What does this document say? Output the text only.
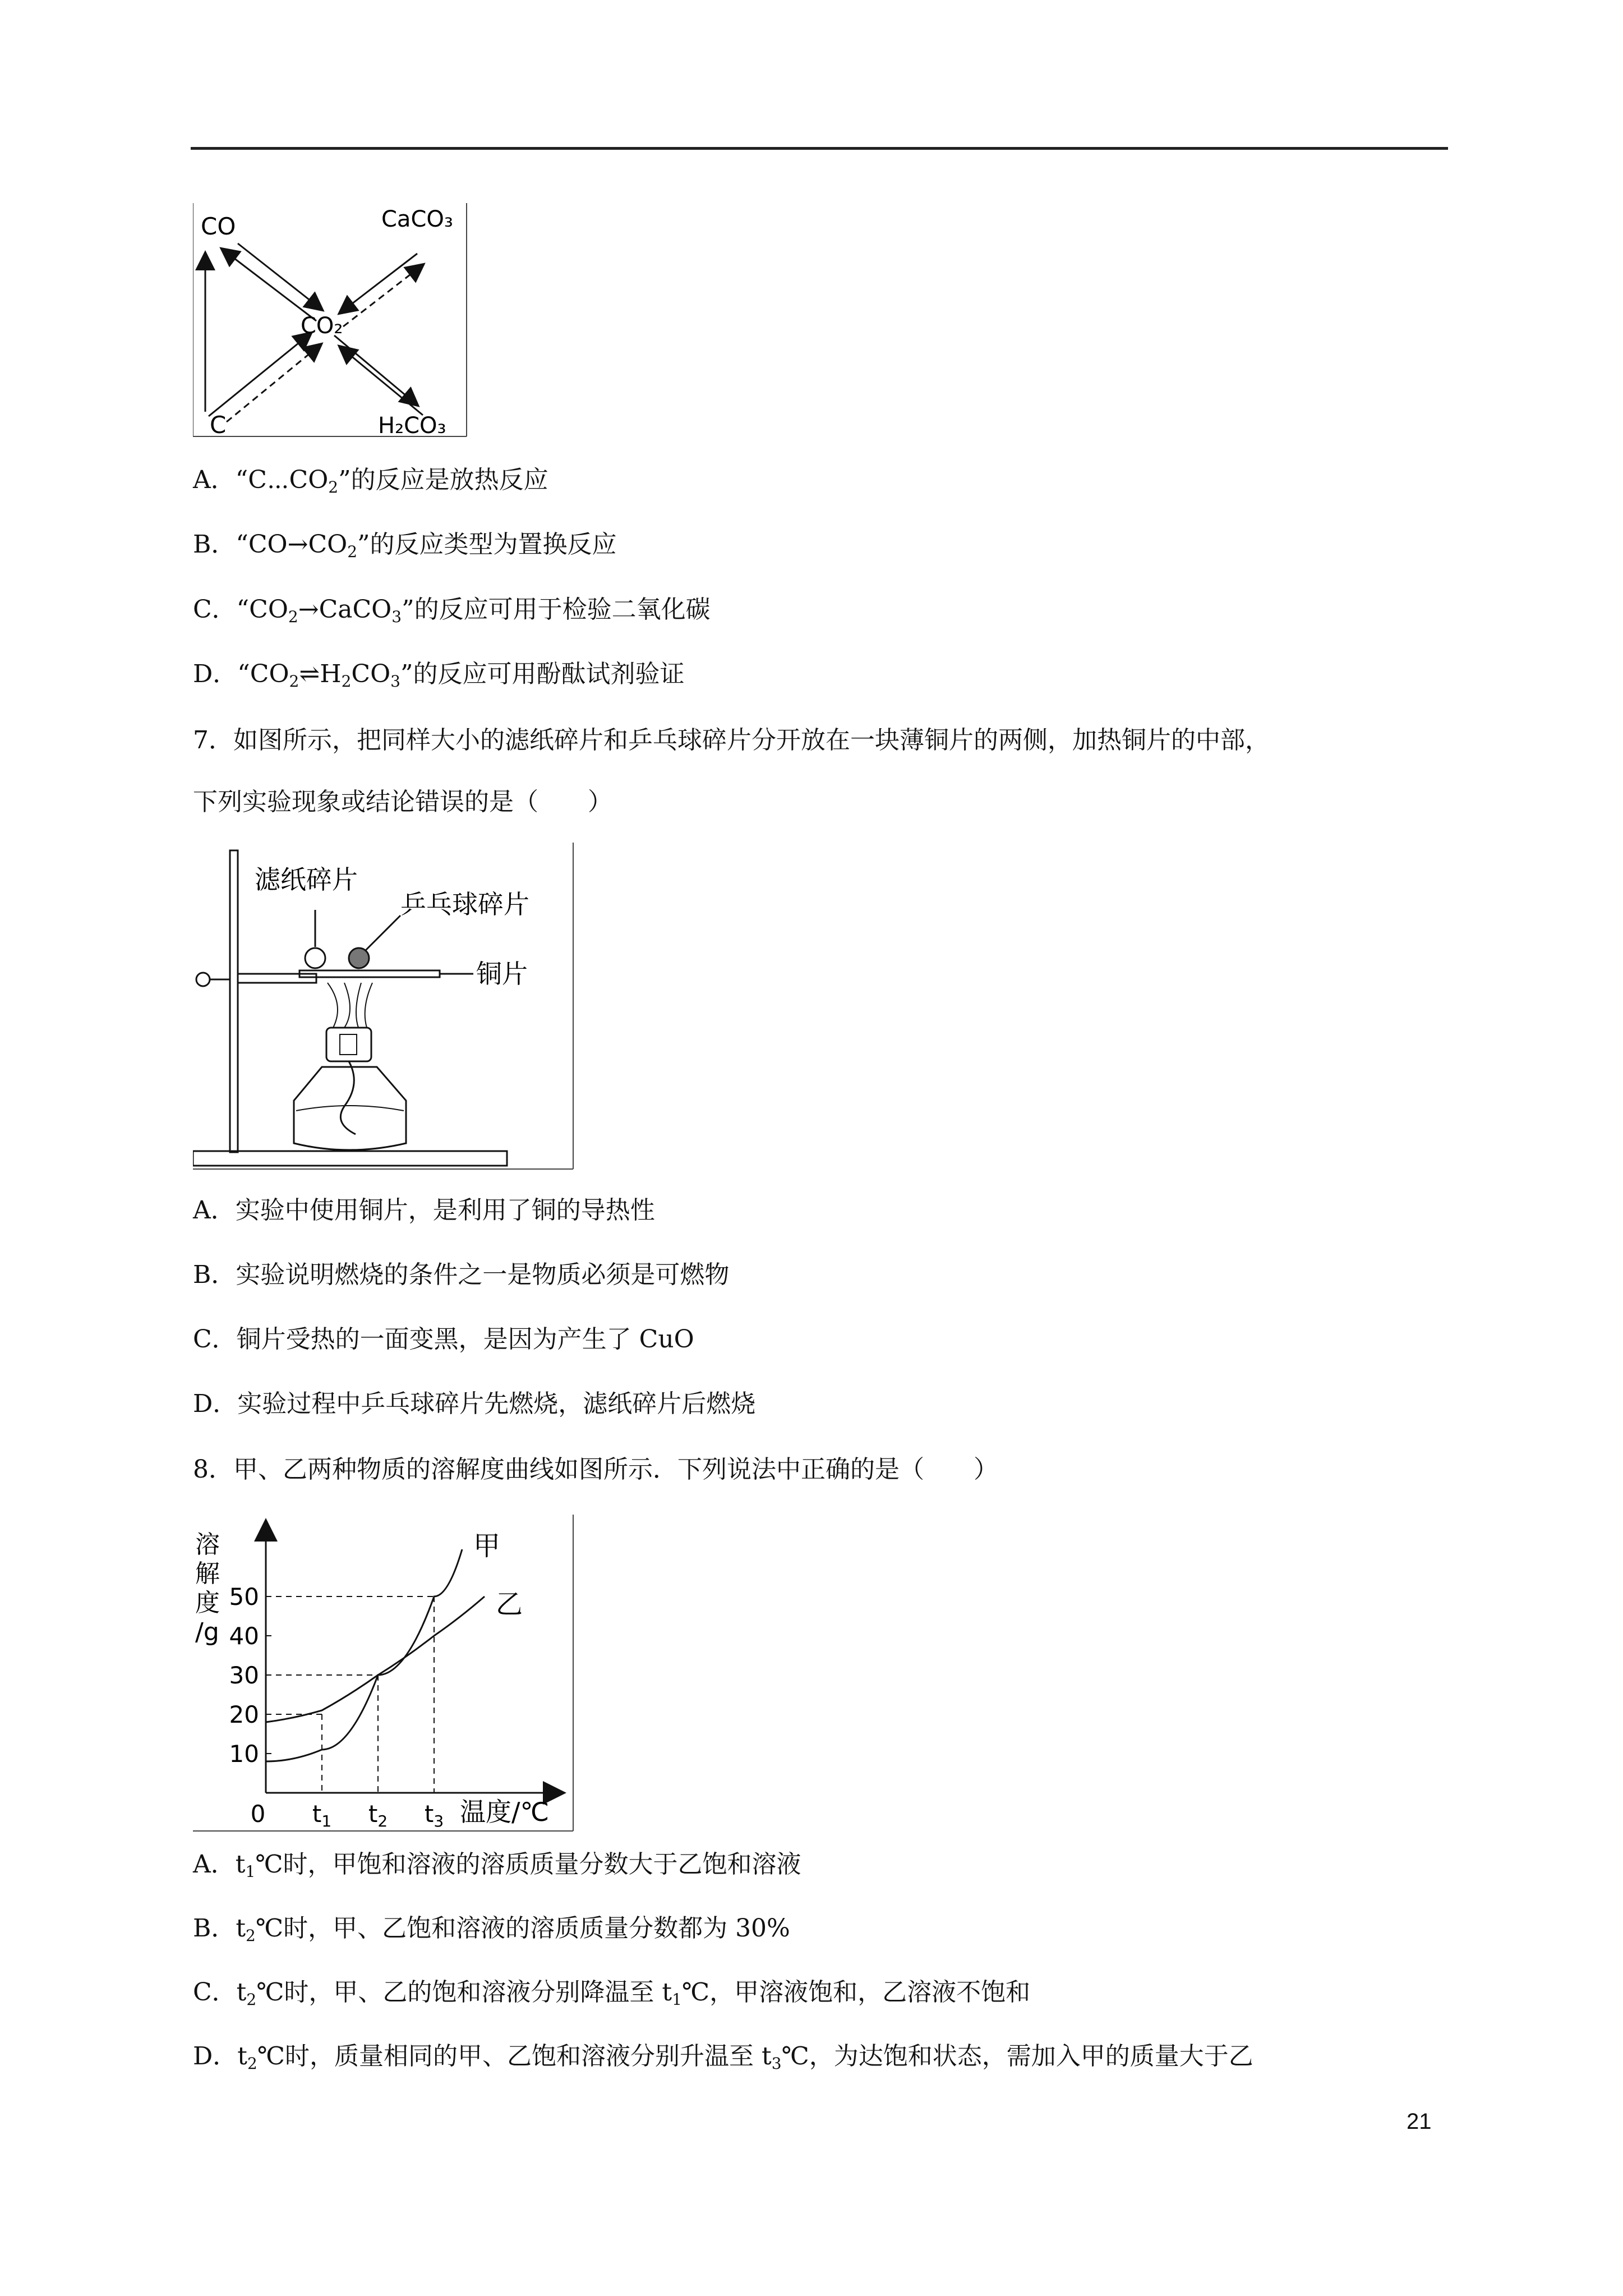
CO	CaCO₃
CO₂
C	H₂CO₃
A．“$C\cdots CO_2$”的反应是放热反应
B．“$CO\to CO_2$”的反应类型为置换反应
C．“$CO_2\to CaCO_3$”的反应可用于检验二氧化碳
D．“$CO_2\rightleftharpoons H_2CO_3$”的反应可用酚酞试剂验证
7．如图所示，把同样大小的滤纸碎片和乒乓球碎片分开放在一块薄铜片的两侧，加热铜片的中部，
下列实验现象或结论错误的是（　　）
滤纸碎片
乒乓球碎片
铜片
A．实验中使用铜片，是利用了铜的导热性
B．实验说明燃烧的条件之一是物质必须是可燃物
C．铜片受热的一面变黑，是因为产生了 CuO
D．实验过程中乒乓球碎片先燃烧，滤纸碎片后燃烧
8．甲、乙两种物质的溶解度曲线如图所示．下列说法中正确的是（　　）
10
20
30
40
50
0 t1 t2 t3
甲
乙
溶 解 度 /g
温度/℃
A．$t_1℃$时，甲饱和溶液的溶质质量分数大于乙饱和溶液
B．$t_2℃$时，甲、乙饱和溶液的溶质质量分数都为 30%
C．$t_2℃$时，甲、乙的饱和溶液分别降温至 $t_1℃$，甲溶液饱和，乙溶液不饱和
D．$t_2℃$时，质量相同的甲、乙饱和溶液分别升温至 $t_3℃$，为达饱和状态，需加入甲的质量大于乙
21
